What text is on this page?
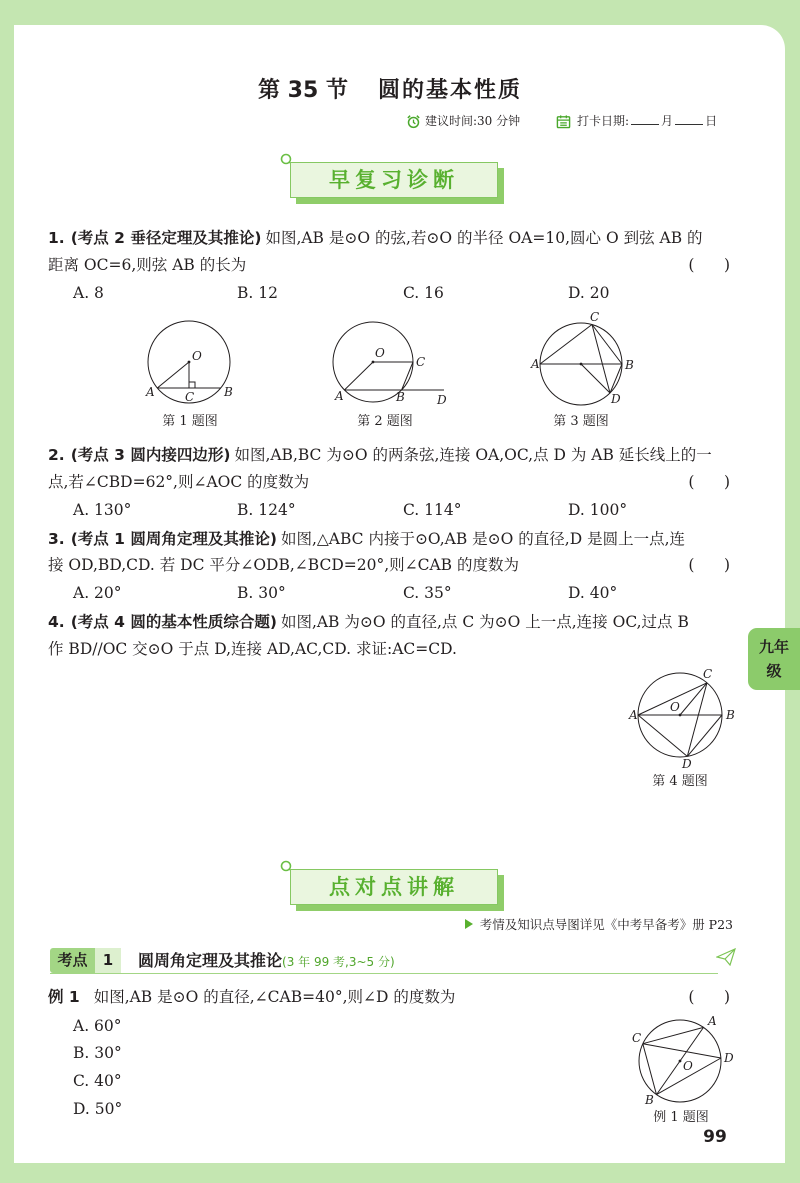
第 35 节 圆的基本性质
建议时间:30 分钟	打卡日期:	月	日
早复习诊断
1. (考点 2 垂径定理及其推论) 如图,AB 是⊙O 的弦,若⊙O 的半径 OA=10,圆心 O 到弦 AB 的
距离 OC=6,则弦 AB 的长为	(      )
A. 8	B. 12	C. 16	D. 20
第 1 题图	第 2 题图	第 3 题图
2. (考点 3 圆内接四边形) 如图,AB,BC 为⊙O 的两条弦,连接 OA,OC,点 D 为 AB 延长线上的一
点,若∠CBD=62°,则∠AOC 的度数为	(      )
A. 130°	B. 124°	C. 114°	D. 100°
3. (考点 1 圆周角定理及其推论) 如图,△ABC 内接于⊙O,AB 是⊙O 的直径,D 是圆上一点,连
接 OD,BD,CD. 若 DC 平分∠ODB,∠BCD=20°,则∠CAB 的度数为	(      )
A. 20°	B. 30°	C. 35°	D. 40°
4. (考点 4 圆的基本性质综合题) 如图,AB 为⊙O 的直径,点 C 为⊙O 上一点,连接 OC,过点 B
作 BD//OC 交⊙O 于点 D,连接 AD,AC,CD. 求证:AC=CD.
第 4 题图
九年级
点对点讲解
考情及知识点导图详见《中考早备考》册 P23
考点	1	圆周角定理及其推论(3 年 99 考,3~5 分)
例 1 如图,AB 是⊙O 的直径,∠CAB=40°,则∠D 的度数为	(      )
A. 60°
B. 30°
C. 40°
D. 50°	例 1 题图
99
O
A	C B
O
C
A	B	D
C
A	B
D
C
A
O
B
D
A
C
D
O
B
